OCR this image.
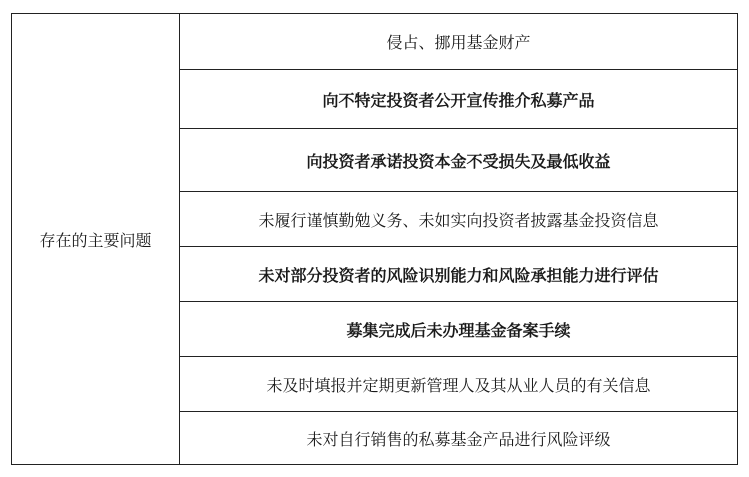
存在的主要问题
侵占、挪用基金财产
向不特定投资者公开宣传推介私募产品
向投资者承诺投资本金不受损失及最低收益
未履行谨慎勤勉义务、未如实向投资者披露基金投资信息
未对部分投资者的风险识别能力和风险承担能力进行评估
募集完成后未办理基金备案手续
未及时填报并定期更新管理人及其从业人员的有关信息
未对自行销售的私募基金产品进行风险评级
